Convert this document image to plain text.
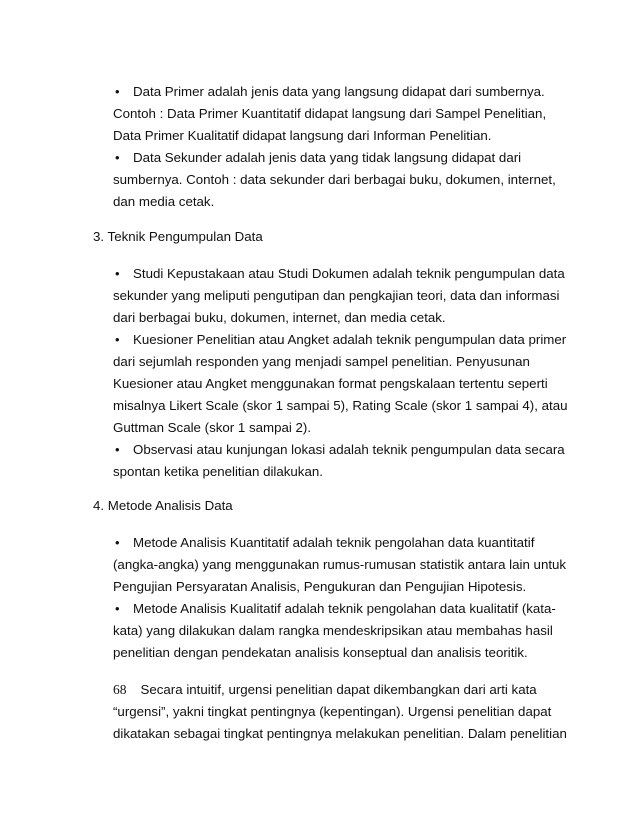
• Data Primer adalah jenis data yang langsung didapat dari sumbernya.
Contoh : Data Primer Kuantitatif didapat langsung dari Sampel Penelitian,
Data Primer Kualitatif didapat langsung dari Informan Penelitian.
• Data Sekunder adalah jenis data yang tidak langsung didapat dari
sumbernya. Contoh : data sekunder dari berbagai buku, dokumen, internet,
dan media cetak.
3. Teknik Pengumpulan Data
• Studi Kepustakaan atau Studi Dokumen adalah teknik pengumpulan data
sekunder yang meliputi pengutipan dan pengkajian teori, data dan informasi
dari berbagai buku, dokumen, internet, dan media cetak.
• Kuesioner Penelitian atau Angket adalah teknik pengumpulan data primer
dari sejumlah responden yang menjadi sampel penelitian. Penyusunan
Kuesioner atau Angket menggunakan format pengskalaan tertentu seperti
misalnya Likert Scale (skor 1 sampai 5), Rating Scale (skor 1 sampai 4), atau
Guttman Scale (skor 1 sampai 2).
• Observasi atau kunjungan lokasi adalah teknik pengumpulan data secara
spontan ketika penelitian dilakukan.
4. Metode Analisis Data
• Metode Analisis Kuantitatif adalah teknik pengolahan data kuantitatif
(angka-angka) yang menggunakan rumus-rumusan statistik antara lain untuk
Pengujian Persyaratan Analisis, Pengukuran dan Pengujian Hipotesis.
• Metode Analisis Kualitatif adalah teknik pengolahan data kualitatif (kata-
kata) yang dilakukan dalam rangka mendeskripsikan atau membahas hasil
penelitian dengan pendekatan analisis konseptual dan analisis teoritik.
68 Secara intuitif, urgensi penelitian dapat dikembangkan dari arti kata
“urgensi”, yakni tingkat pentingnya (kepentingan). Urgensi penelitian dapat
dikatakan sebagai tingkat pentingnya melakukan penelitian. Dalam penelitian
